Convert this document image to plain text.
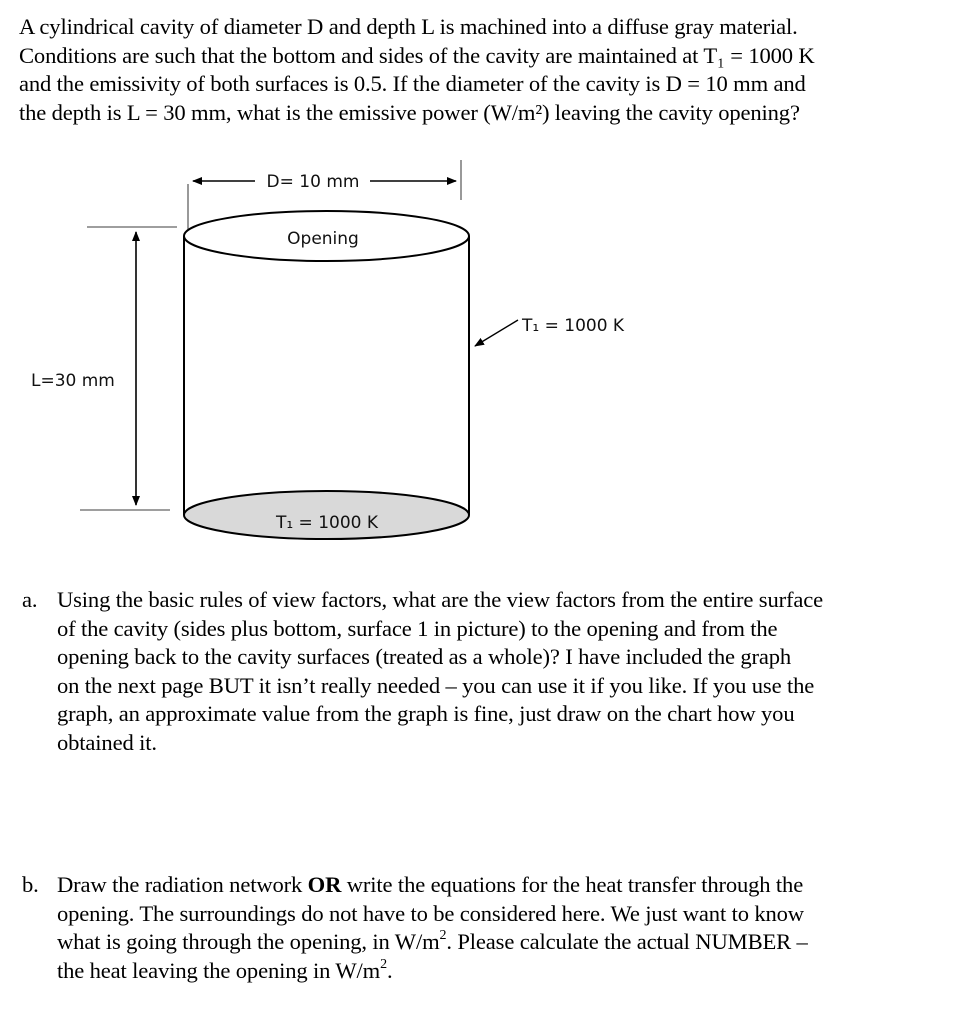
A cylindrical cavity of diameter D and depth L is machined into a diffuse gray material.

Conditions are such that the bottom and sides of the cavity are maintained at T₁ = 1000 K

and the emissivity of both surfaces is 0.5. If the diameter of the cavity is D = 10 mm and

the depth is L = 30 mm, what is the emissive power (W/m²) leaving the cavity opening?

D= 10 mm
Opening
T₁ = 1000 K
T₁ = 1000 K
L=30 mm
a. Using the basic rules of view factors, what are the view factors from the entire surface
of the cavity (sides plus bottom, surface 1 in picture) to the opening and from the
opening back to the cavity surfaces (treated as a whole)? I have included the graph
on the next page BUT it isn’t really needed – you can use it if you like. If you use the
graph, an approximate value from the graph is fine, just draw on the chart how you
obtained it.
b. Draw the radiation network OR write the equations for the heat transfer through the
opening. The surroundings do not have to be considered here. We just want to know
what is going through the opening, in $W/m^2$. Please calculate the actual NUMBER –
the heat leaving the opening in $W/m^2$.
